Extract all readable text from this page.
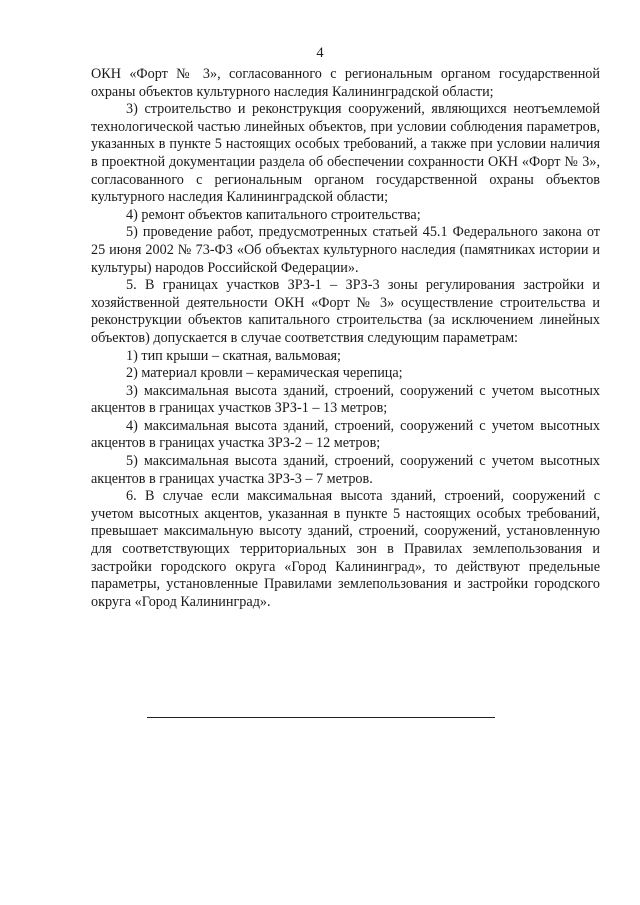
4

ОКН «Форт № 3», согласованного с региональным органом государственной охраны объектов культурного наследия Калининградской области;

3) строительство и реконструкция сооружений, являющихся неотъемлемой технологической частью линейных объектов, при условии соблюдения параметров, указанных в пункте 5 настоящих особых требований, а также при условии наличия в проектной документации раздела об обеспечении сохранности ОКН «Форт № 3», согласованного с региональным органом государственной охраны объектов культурного наследия Калининградской области;

4) ремонт объектов капитального строительства;

5) проведение работ, предусмотренных статьей 45.1 Федерального закона от 25 июня 2002 № 73-ФЗ «Об объектах культурного наследия (памятниках истории и культуры) народов Российской Федерации».

5. В границах участков ЗРЗ-1 – ЗРЗ-3 зоны регулирования застройки и хозяйственной деятельности ОКН «Форт № 3» осуществление строительства и реконструкции объектов капитального строительства (за исключением линейных объектов) допускается в случае соответствия следующим параметрам:

1) тип крыши – скатная, вальмовая;

2) материал кровли – керамическая черепица;

3) максимальная высота зданий, строений, сооружений с учетом высотных акцентов в границах участков ЗРЗ-1 – 13 метров;

4) максимальная высота зданий, строений, сооружений с учетом высотных акцентов в границах участка ЗРЗ-2 – 12 метров;

5) максимальная высота зданий, строений, сооружений с учетом высотных акцентов в границах участка ЗРЗ-3 – 7 метров.

6. В случае если максимальная высота зданий, строений, сооружений с учетом высотных акцентов, указанная в пункте 5 настоящих особых требований, превышает максимальную высоту зданий, строений, сооружений, установленную для соответствующих территориальных зон в Правилах землепользования и застройки городского округа «Город Калининград», то действуют предельные параметры, установленные Правилами землепользования и застройки городского округа «Город Калининград».
